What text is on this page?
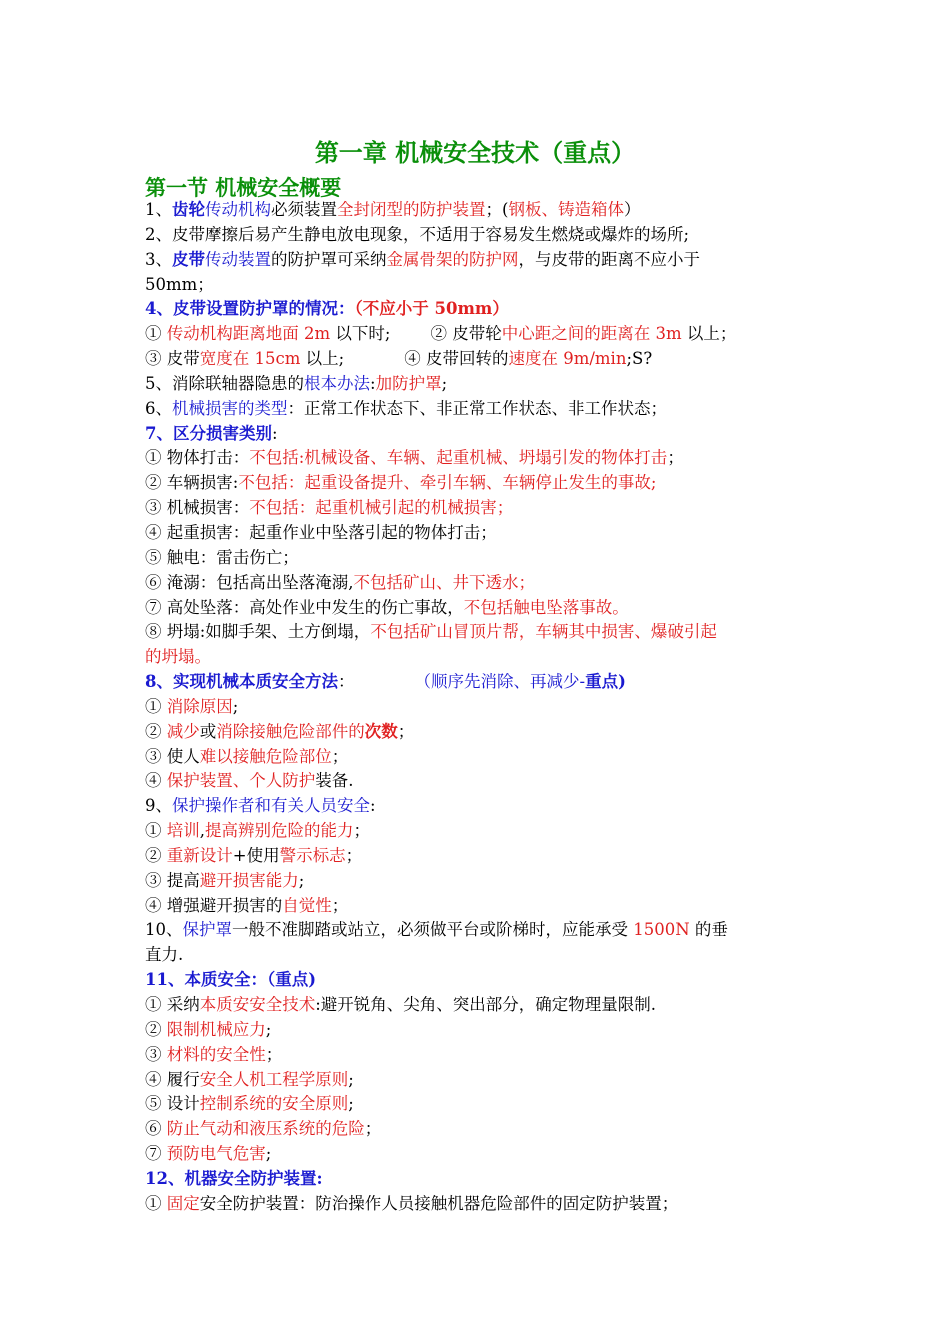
第一章 机械安全技术（重点）
第一节 机械安全概要
1、齿轮传动机构必须装置全封闭型的防护装置；(钢板、铸造箱体）
2、皮带摩擦后易产生静电放电现象，不适用于容易发生燃烧或爆炸的场所;
3、皮带传动装置的防护罩可采纳金属骨架的防护网，与皮带的距离不应小于
50mm；
4、皮带设置防护罩的情况：（不应小于 50mm）
① 传动机构距离地面 2m 以下时; ② 皮带轮中心距之间的距离在 3m 以上；
③ 皮带宽度在 15cm 以上;	④ 皮带回转的速度在 9m/min;S?
5、消除联轴器隐患的根本办法:加防护罩;
6、机械损害的类型：正常工作状态下、非正常工作状态、非工作状态；
7、区分损害类别:
① 物体打击：不包括:机械设备、车辆、起重机械、坍塌引发的物体打击；
② 车辆损害:不包括：起重设备提升、牵引车辆、车辆停止发生的事故;
③ 机械损害：不包括：起重机械引起的机械损害；
④ 起重损害：起重作业中坠落引起的物体打击；
⑤ 触电：雷击伤亡；
⑥ 淹溺：包括高出坠落淹溺,不包括矿山、井下透水；
⑦ 高处坠落：高处作业中发生的伤亡事故，不包括触电坠落事故。
⑧ 坍塌:如脚手架、土方倒塌，不包括矿山冒顶片帮，车辆其中损害、爆破引起
的坍塌。
8、实现机械本质安全方法：	（顺序先消除、再减少-重点)
① 消除原因;
② 减少或消除接触危险部件的次数；
③ 使人难以接触危险部位；
④ 保护装置、个人防护装备.
9、保护操作者和有关人员安全:
① 培训,提高辨别危险的能力；
② 重新设计+使用警示标志；
③ 提高避开损害能力;
④ 增强避开损害的自觉性；
10、保护罩一般不准脚踏或站立，必须做平台或阶梯时，应能承受 1500N 的垂
直力.
11、本质安全：（重点)
① 采纳本质安安全技术:避开锐角、尖角、突出部分，确定物理量限制.
② 限制机械应力;
③ 材料的安全性；
④ 履行安全人机工程学原则;
⑤ 设计控制系统的安全原则;
⑥ 防止气动和液压系统的危险；
⑦ 预防电气危害;
12、机器安全防护装置:
① 固定安全防护装置：防治操作人员接触机器危险部件的固定防护装置；
